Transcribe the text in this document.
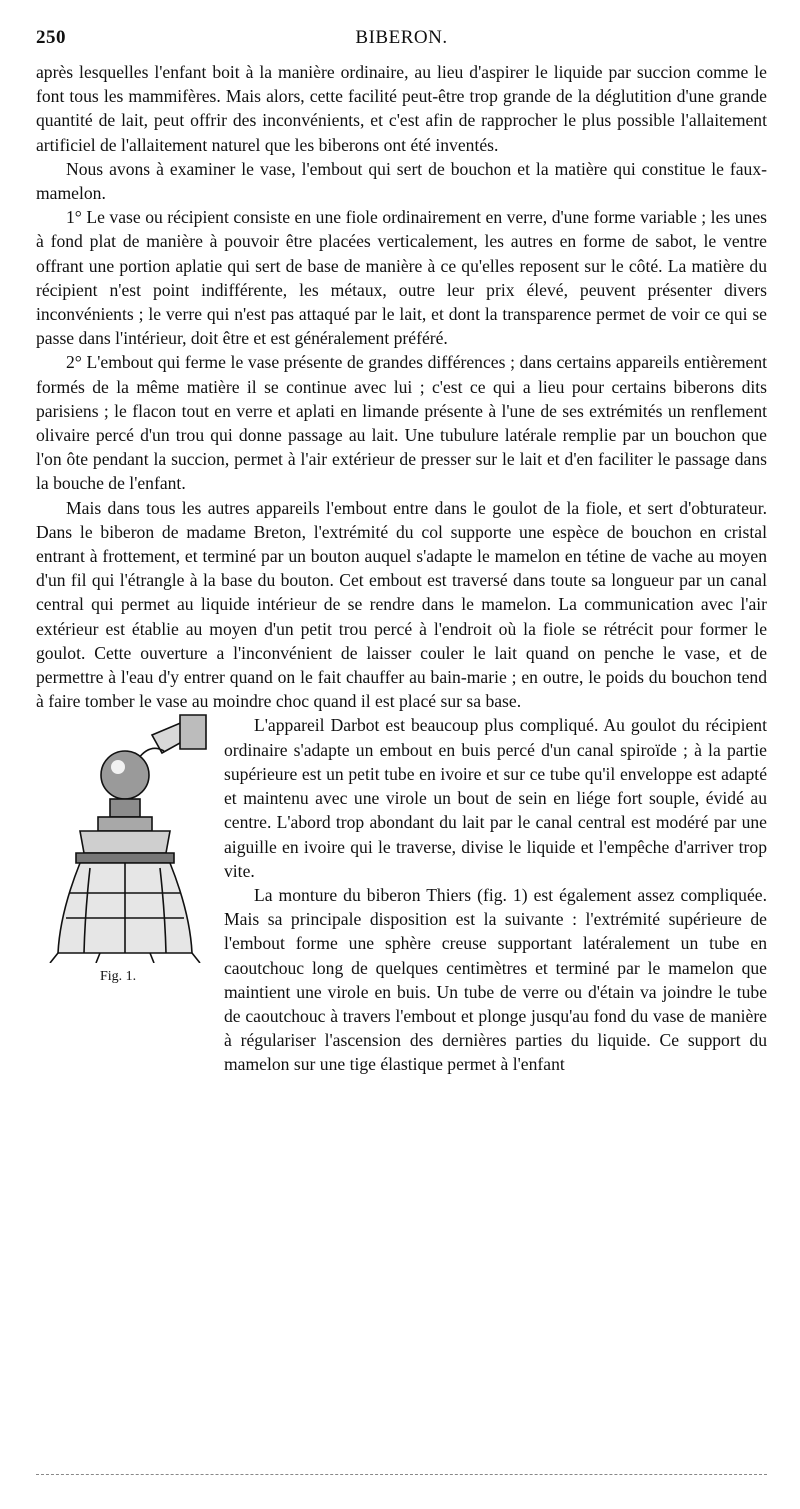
250	BIBERON.

après lesquelles l'enfant boit à la manière ordinaire, au lieu d'aspirer le liquide par succion comme le font tous les mammifères. Mais alors, cette facilité peut-être trop grande de la déglutition d'une grande quantité de lait, peut offrir des inconvénients, et c'est afin de rapprocher le plus possible l'allaitement artificiel de l'allaitement naturel que les biberons ont été inventés.

Nous avons à examiner le vase, l'embout qui sert de bouchon et la matière qui constitue le faux-mamelon.

1° Le vase ou récipient consiste en une fiole ordinairement en verre, d'une forme variable ; les unes à fond plat de manière à pouvoir être placées verticalement, les autres en forme de sabot, le ventre offrant une portion aplatie qui sert de base de manière à ce qu'elles reposent sur le côté. La matière du récipient n'est point indifférente, les métaux, outre leur prix élevé, peuvent présenter divers inconvénients ; le verre qui n'est pas attaqué par le lait, et dont la transparence permet de voir ce qui se passe dans l'intérieur, doit être et est généralement préféré.

2° L'embout qui ferme le vase présente de grandes différences ; dans certains appareils entièrement formés de la même matière il se continue avec lui ; c'est ce qui a lieu pour certains biberons dits parisiens ; le flacon tout en verre et aplati en limande présente à l'une de ses extrémités un renflement olivaire percé d'un trou qui donne passage au lait. Une tubulure latérale remplie par un bouchon que l'on ôte pendant la succion, permet à l'air extérieur de presser sur le lait et d'en faciliter le passage dans la bouche de l'enfant.

Mais dans tous les autres appareils l'embout entre dans le goulot de la fiole, et sert d'obturateur. Dans le biberon de madame Breton, l'extrémité du col supporte une espèce de bouchon en cristal entrant à frottement, et terminé par un bouton auquel s'adapte le mamelon en tétine de vache au moyen d'un fil qui l'étrangle à la base du bouton. Cet embout est traversé dans toute sa longueur par un canal central qui permet au liquide intérieur de se rendre dans le mamelon. La communication avec l'air extérieur est établie au moyen d'un petit trou percé à l'endroit où la fiole se rétrécit pour former le goulot. Cette ouverture a l'inconvénient de laisser couler le lait quand on penche le vase, et de permettre à l'eau d'y entrer quand on le fait chauffer au bain-marie ; en outre, le poids du bouchon tend à faire tomber le vase au moindre choc quand il est placé sur sa base.

Fig. 1.

L'appareil Darbot est beaucoup plus compliqué. Au goulot du récipient ordinaire s'adapte un embout en buis percé d'un canal spiroïde ; à la partie supérieure est un petit tube en ivoire et sur ce tube qu'il enveloppe est adapté et maintenu avec une virole un bout de sein en liége fort souple, évidé au centre. L'abord trop abondant du lait par le canal central est modéré par une aiguille en ivoire qui le traverse, divise le liquide et l'empêche d'arriver trop vite.

La monture du biberon Thiers (fig. 1) est également assez compliquée. Mais sa principale disposition est la suivante : l'extrémité supérieure de l'embout forme une sphère creuse supportant latéralement un tube en caoutchouc long de quelques centimètres et terminé par le mamelon que maintient une virole en buis. Un tube de verre ou d'étain va joindre le tube de caoutchouc à travers l'embout et plonge jusqu'au fond du vase de manière à régulariser l'ascension des dernières parties du liquide. Ce support du mamelon sur une tige élastique permet à l'enfant
